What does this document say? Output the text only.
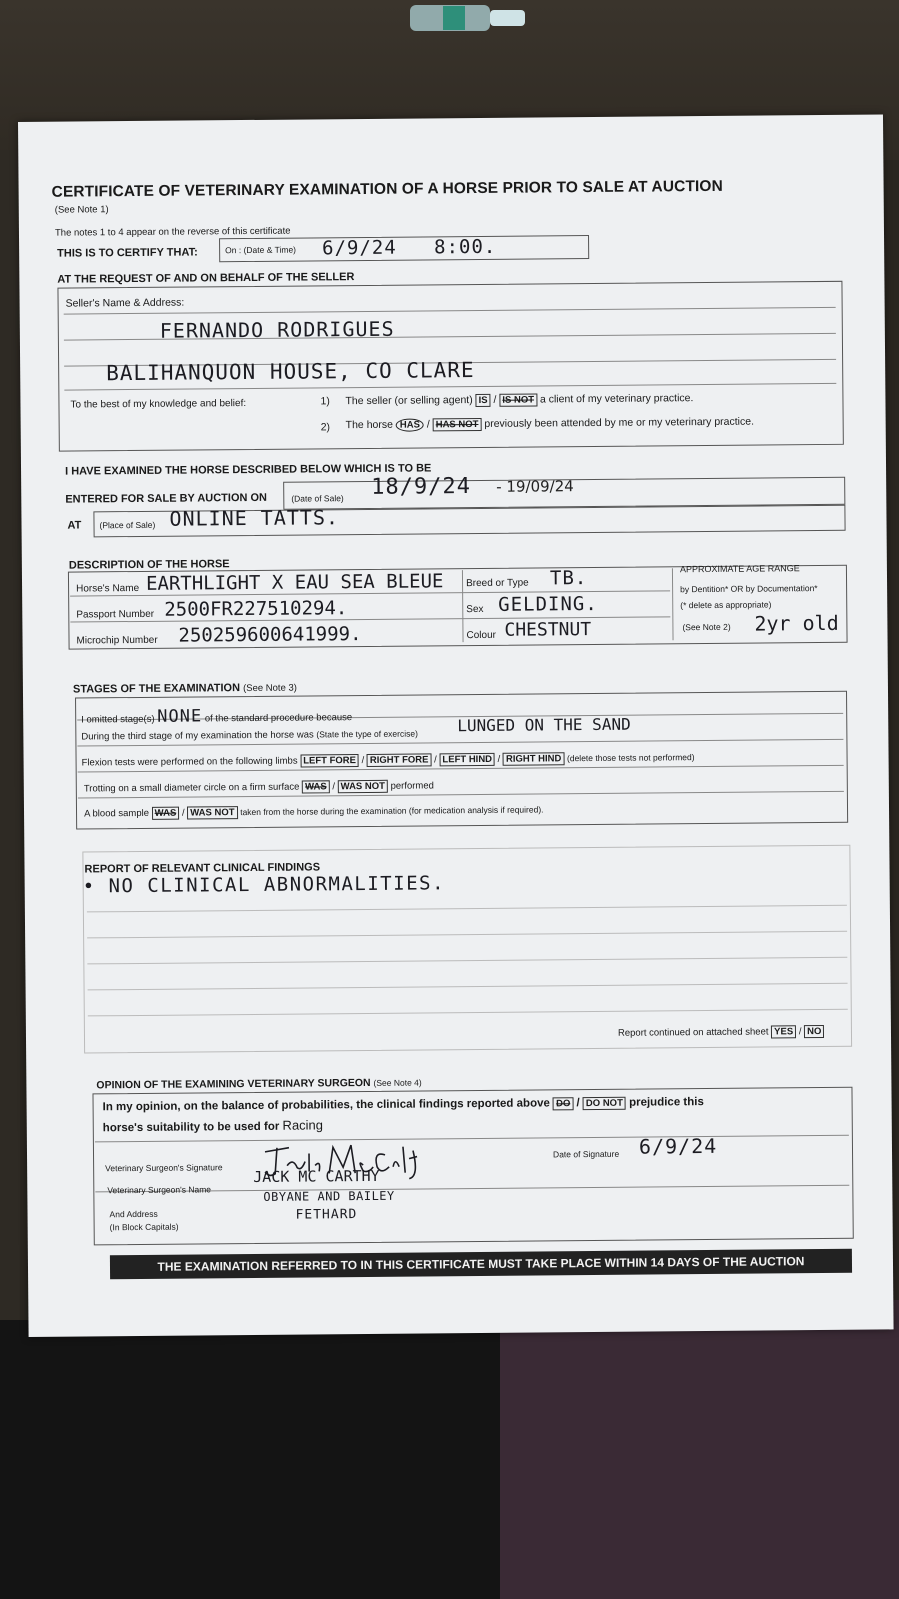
CERTIFICATE OF VETERINARY EXAMINATION OF A HORSE PRIOR TO SALE AT AUCTION
(See Note 1)
The notes 1 to 4 appear on the reverse of this certificate
THIS IS TO CERTIFY THAT:	On : (Date & Time) 6/9/24 8:00.
AT THE REQUEST OF AND ON BEHALF OF THE SELLER
Seller's Name & Address:
FERNANDO RODRIGUES
BALIHANQUON HOUSE, CO CLARE
To the best of my knowledge and belief:	1) The seller (or selling agent) IS / IS NOT a client of my veterinary practice.
2) The horse HAS / HAS NOT previously been attended by me or my veterinary practice.
I HAVE EXAMINED THE HORSE DESCRIBED BELOW WHICH IS TO BE
ENTERED FOR SALE BY AUCTION ON	(Date of Sale) 18/9/24 - 19/09/24
AT (Place of Sale) ONLINE TATTS.
DESCRIPTION OF THE HORSE
Horse's Name EARTHLIGHT X EAU SEA BLEUE Breed or Type TB.
Passport Number 2500FR227510294.	Sex GELDING.
Microchip Number 250259600641999.	Colour CHESTNUT
APPROXIMATE AGE RANGE
by Dentition* OR by Documentation*
(* delete as appropriate)
(See Note 2) 2yr old
STAGES OF THE EXAMINATION (See Note 3)
I omitted stage(s) NONE of the standard procedure because
During the third stage of my examination the horse was (State the type of exercise) LUNGED ON THE SAND
Flexion tests were performed on the following limbs LEFT FORE / RIGHT FORE / LEFT HIND / RIGHT HIND (delete those tests not performed)
Trotting on a small diameter circle on a firm surface WAS / WAS NOT performed
A blood sample WAS / WAS NOT taken from the horse during the examination (for medication analysis if required).
REPORT OF RELEVANT CLINICAL FINDINGS
• NO CLINICAL ABNORMALITIES.
Report continued on attached sheet YES / NO
OPINION OF THE EXAMINING VETERINARY SURGEON (See Note 4)
In my opinion, on the balance of probabilities, the clinical findings reported above DO / DO NOT prejudice this
horse's suitability to be used for Racing
Veterinary Surgeon's Signature
Date of Signature 6/9/24
Veterinary Surgeon's Name
JACK MC CARTHY
And Address
(In Block Capitals)
OBYANE AND BAILEY
FETHARD
THE EXAMINATION REFERRED TO IN THIS CERTIFICATE MUST TAKE PLACE WITHIN 14 DAYS OF THE AUCTION
